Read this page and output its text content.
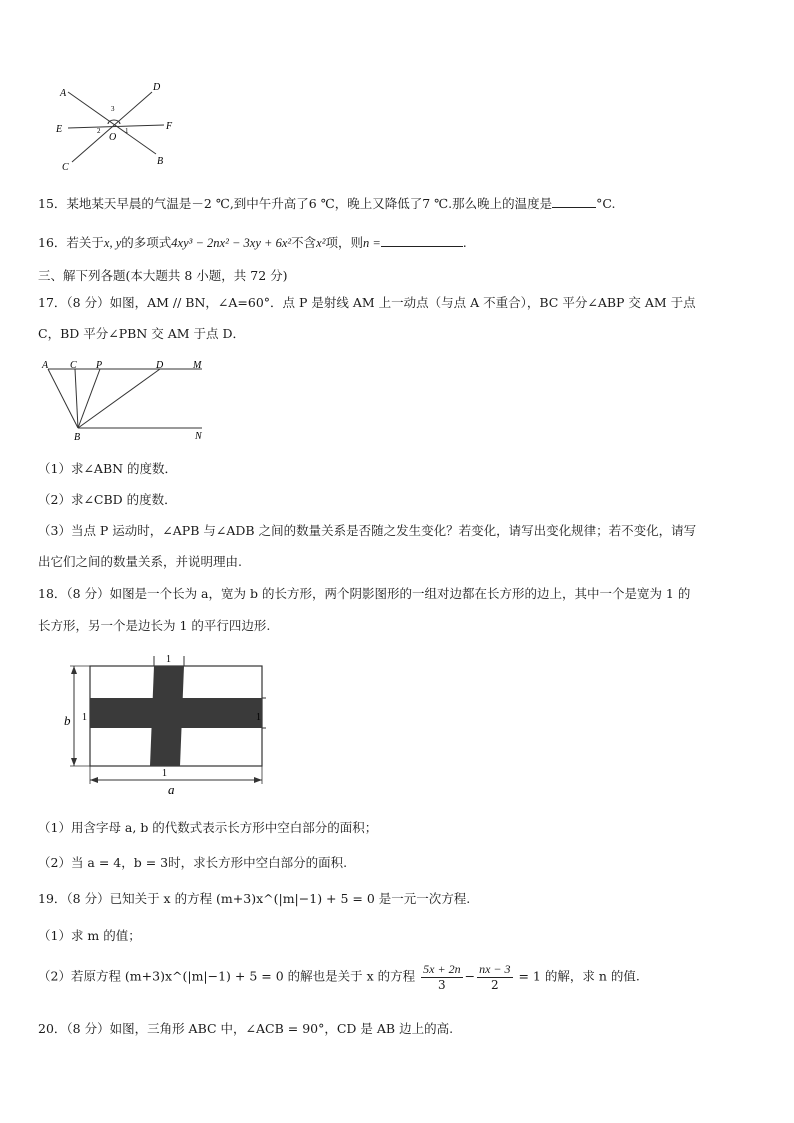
A
D
E	F
C
B
O
1
2
3
15．某地某天早晨的气温是－2 ℃,到中午升高了6 ℃，晚上又降低了7 ℃.那么晚上的温度是	°C.
16．若关于x, y的多项式4xy³ − 2nx² − 3xy + 6x²不含x²项，则n =	.
三、解下列各题(本大题共 8 小题，共 72 分)
17．（8 分）如图，AM // BN，∠A=60°．点 P 是射线 AM 上一动点（与点 A 不重合），BC 平分∠ABP 交 AM 于点
C，BD 平分∠PBN 交 AM 于点 D．
A C P	D	M
B	N
（1）求∠ABN 的度数．
（2）求∠CBD 的度数．
（3）当点 P 运动时，∠APB 与∠ADB 之间的数量关系是否随之发生变化？若变化，请写出变化规律；若不变化，请写
出它们之间的数量关系，并说明理由.
18．（8 分）如图是一个长为 a，宽为 b 的长方形，两个阴影图形的一组对边都在长方形的边上，其中一个是宽为 1 的
长方形，另一个是边长为 1 的平行四边形.
b
a
1	1
1
1
（1）用含字母 a, b 的代数式表示长方形中空白部分的面积；
（2）当 a = 4，b = 3时，求长方形中空白部分的面积.
19．（8 分）已知关于 x 的方程 (m+3)x^(|m|−1) + 5 = 0 是一元一次方程.
（1）求 m 的值；
（2）若原方程 (m+3)x^(|m|−1) + 5 = 0 的解也是关于 x 的方程 $\frac{5x + 2n}{3} - \frac{nx - 3}{2} = 1$ 的解，求 n 的值.
20．（8 分）如图，三角形 ABC 中，∠ACB = 90°，CD 是 AB 边上的高.
